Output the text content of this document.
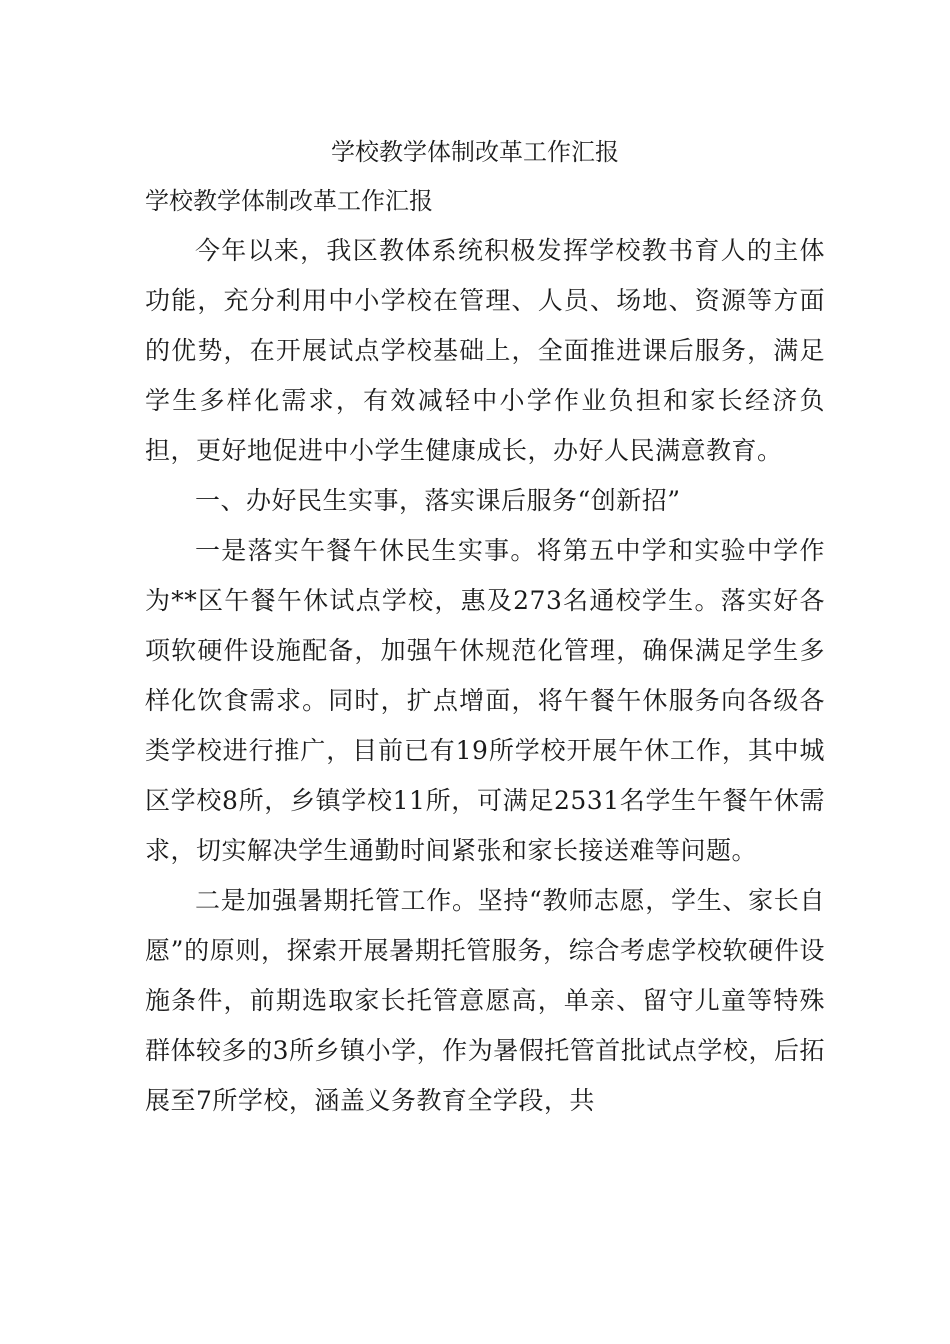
学校教学体制改革工作汇报
学校教学体制改革工作汇报

今年以来，我区教体系统积极发挥学校教书育人的主体功能，充分利用中小学校在管理、人员、场地、资源等方面的优势，在开展试点学校基础上，全面推进课后服务，满足学生多样化需求，有效减轻中小学作业负担和家长经济负担，更好地促进中小学生健康成长，办好人民满意教育。

一、办好民生实事，落实课后服务“创新招”

一是落实午餐午休民生实事。将第五中学和实验中学作为**区午餐午休试点学校，惠及273名通校学生。落实好各项软硬件设施配备，加强午休规范化管理，确保满足学生多样化饮食需求。同时，扩点增面，将午餐午休服务向各级各类学校进行推广，目前已有19所学校开展午休工作，其中城区学校8所，乡镇学校11所，可满足2531名学生午餐午休需求，切实解决学生通勤时间紧张和家长接送难等问题。

二是加强暑期托管工作。坚持“教师志愿，学生、家长自愿”的原则，探索开展暑期托管服务，综合考虑学校软硬件设施条件，前期选取家长托管意愿高，单亲、留守儿童等特殊群体较多的3所乡镇小学，作为暑假托管首批试点学校，后拓展至7所学校，涵盖义务教育全学段，共
